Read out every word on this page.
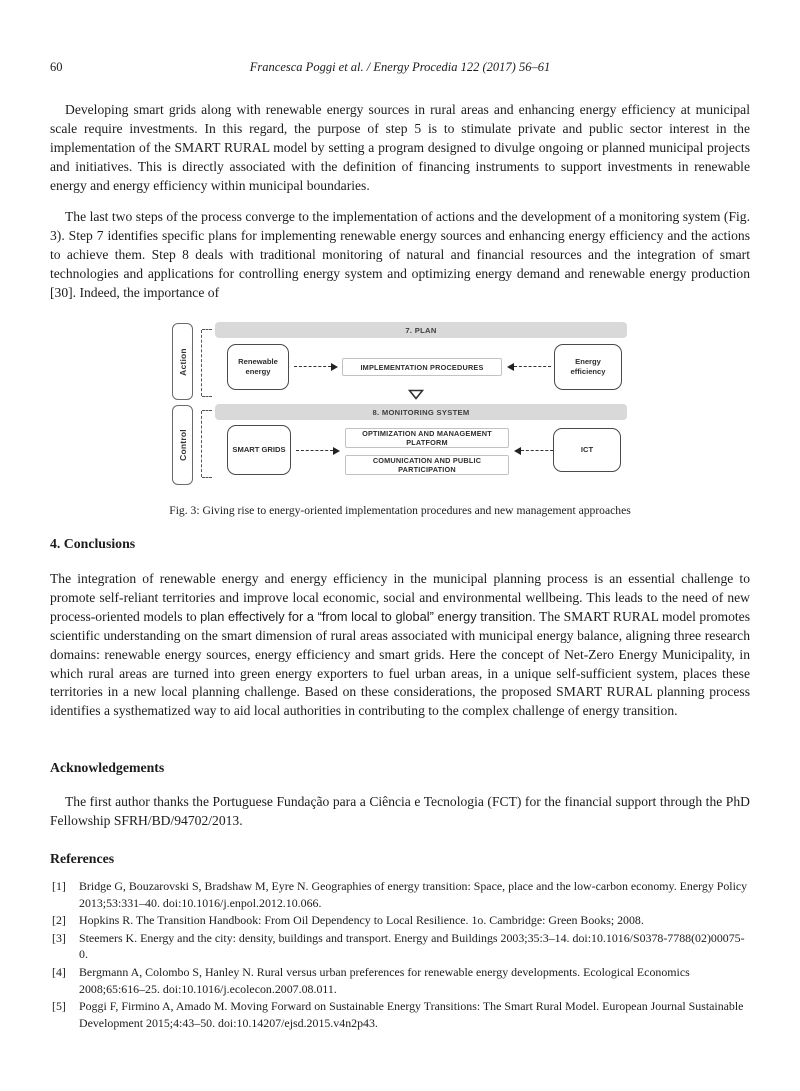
60	Francesca Poggi et al. / Energy Procedia 122 (2017) 56–61

Developing smart grids along with renewable energy sources in rural areas and enhancing energy efficiency at municipal scale require investments. In this regard, the purpose of step 5 is to stimulate private and public sector interest in the implementation of the SMART RURAL model by setting a program designed to divulge ongoing or planned municipal projects and initiatives. This is directly associated with the definition of financing instruments to support investments in renewable energy and energy efficiency within municipal boundaries.

The last two steps of the process converge to the implementation of actions and the development of a monitoring system (Fig. 3). Step 7 identifies specific plans for implementing renewable energy sources and enhancing energy efficiency and the actions to achieve them. Step 8 deals with traditional monitoring of natural and financial resources and the integration of smart technologies and applications for controlling energy system and optimizing energy demand and renewable energy production [30]. Indeed, the importance of

Action
7. PLAN
Renewable energy	IMPLEMENTATION PROCEDURES
Energy efficiency
Control
8. MONITORING SYSTEM
SMART GRIDS
OPTIMIZATION AND MANAGEMENT PLATFORM
COMUNICATION AND PUBLIC PARTICIPATION
ICT
Fig. 3: Giving rise to energy-oriented implementation procedures and new management approaches
4. Conclusions

The integration of renewable energy and energy efficiency in the municipal planning process is an essential challenge to promote self-reliant territories and improve local economic, social and environmental wellbeing. This leads to the need of new process-oriented models to plan effectively for a “from local to global” energy transition. The SMART RURAL model promotes scientific understanding on the smart dimension of rural areas associated with municipal energy balance, aligning three research domains: renewable energy sources, energy efficiency and smart grids. Here the concept of Net-Zero Energy Municipality, in which rural areas are turned into green energy exporters to fuel urban areas, in a unique self-sufficient system, places these territories in a new local planning challenge. Based on these considerations, the proposed SMART RURAL planning process identifies a systhematized way to aid local authorities in contributing to the complex challenge of energy transition.

Acknowledgements

The first author thanks the Portuguese Fundação para a Ciência e Tecnologia (FCT) for the financial support through the PhD Fellowship SFRH/BD/94702/2013.

References
[1]	Bridge G, Bouzarovski S, Bradshaw M, Eyre N. Geographies of energy transition: Space, place and the low-carbon economy. Energy Policy 2013;53:331–40. doi:10.1016/j.enpol.2012.10.066.
[2]	Hopkins R. The Transition Handbook: From Oil Dependency to Local Resilience. 1o. Cambridge: Green Books; 2008.
[3]	Steemers K. Energy and the city: density, buildings and transport. Energy and Buildings 2003;35:3–14. doi:10.1016/S0378-7788(02)00075-0.
[4]	Bergmann A, Colombo S, Hanley N. Rural versus urban preferences for renewable energy developments. Ecological Economics 2008;65:616–25. doi:10.1016/j.ecolecon.2007.08.011.
[5]	Poggi F, Firmino A, Amado M. Moving Forward on Sustainable Energy Transitions: The Smart Rural Model. European Journal Sustainable Development 2015;4:43–50. doi:10.14207/ejsd.2015.v4n2p43.
